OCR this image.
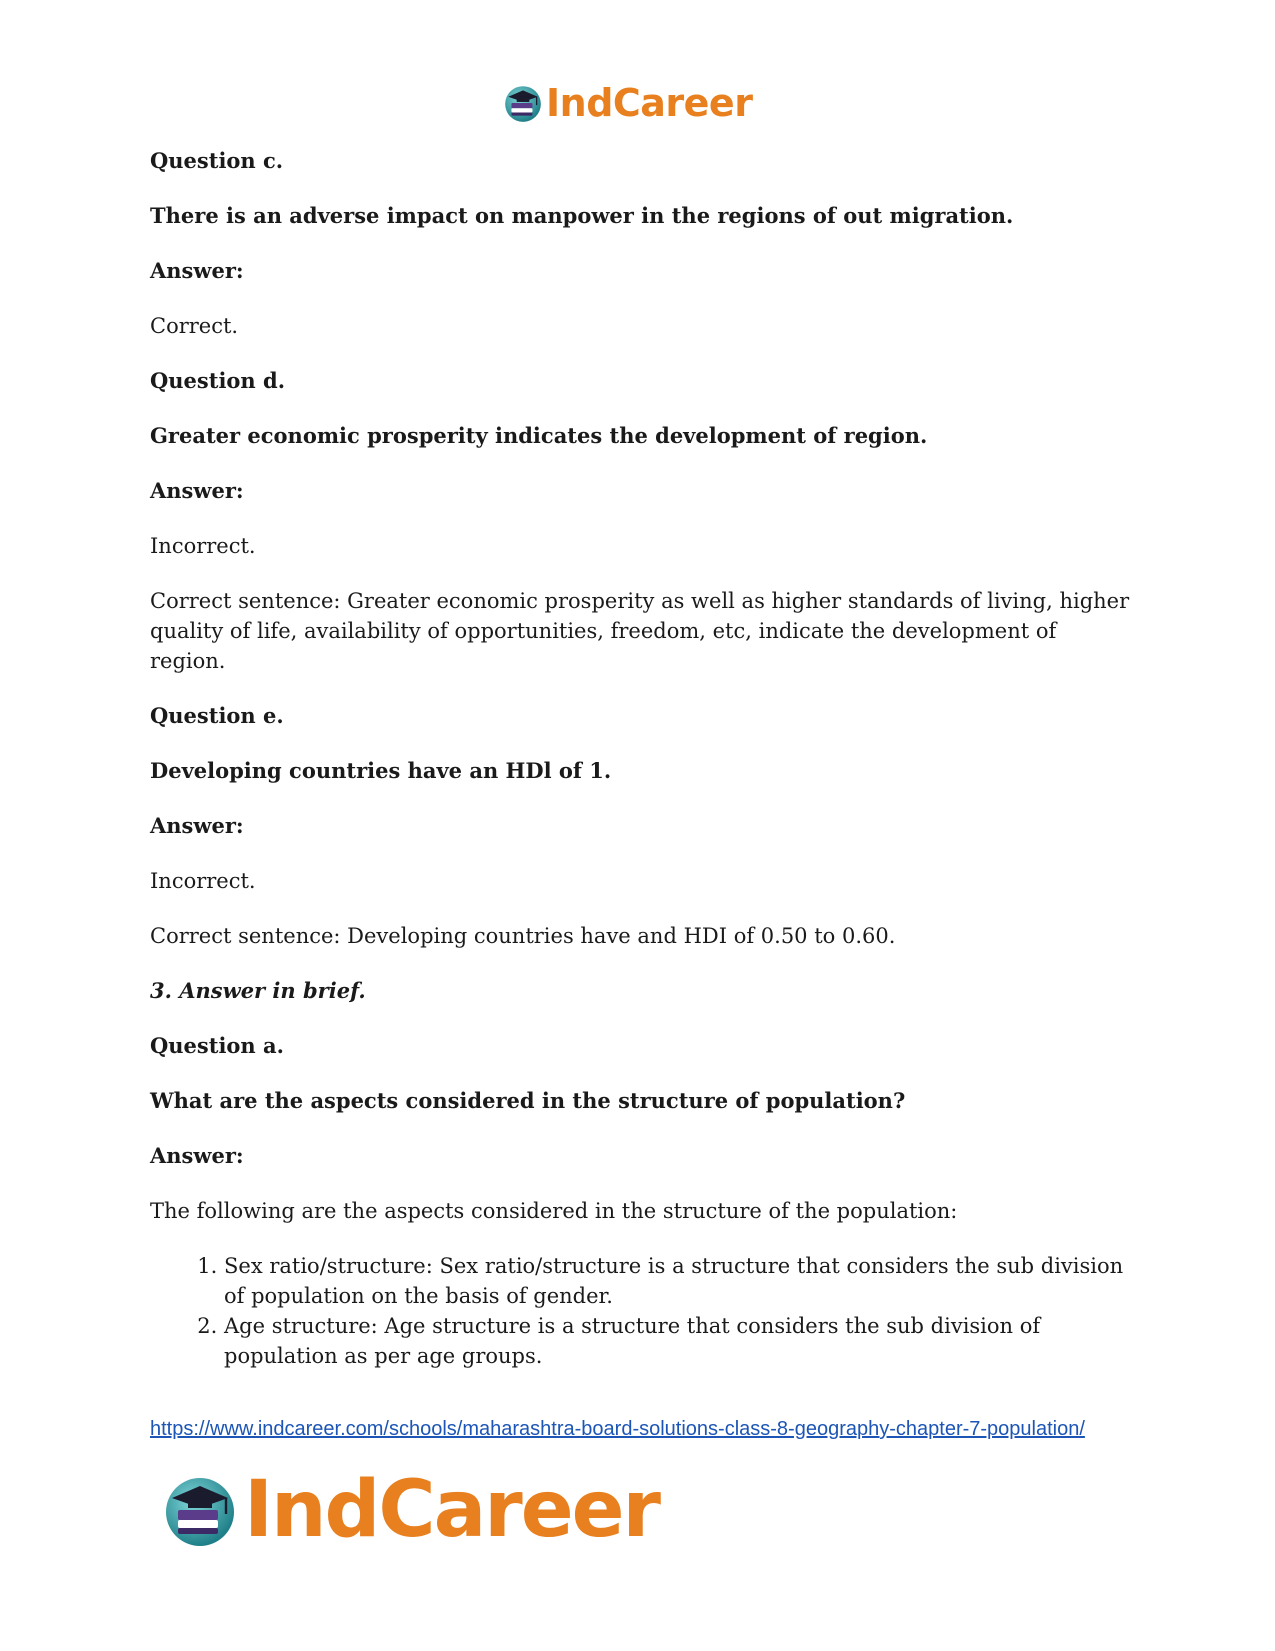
IndCareer

Question c.

There is an adverse impact on manpower in the regions of out migration.

Answer:

Correct.

Question d.

Greater economic prosperity indicates the development of region.

Answer:

Incorrect.

Correct sentence: Greater economic prosperity as well as higher standards of living, higher quality of life, availability of opportunities, freedom, etc, indicate the development of region.

Question e.

Developing countries have an HDl of 1.

Answer:

Incorrect.

Correct sentence: Developing countries have and HDI of 0.50 to 0.60.

3. Answer in brief.

Question a.

What are the aspects considered in the structure of population?

Answer:

The following are the aspects considered in the structure of the population:

1. Sex ratio/structure: Sex ratio/structure is a structure that considers the sub division of population on the basis of gender.
2. Age structure: Age structure is a structure that considers the sub division of population as per age groups.
https://www.indcareer.com/schools/maharashtra-board-solutions-class-8-geography-chapter-7-population/
IndCareer
